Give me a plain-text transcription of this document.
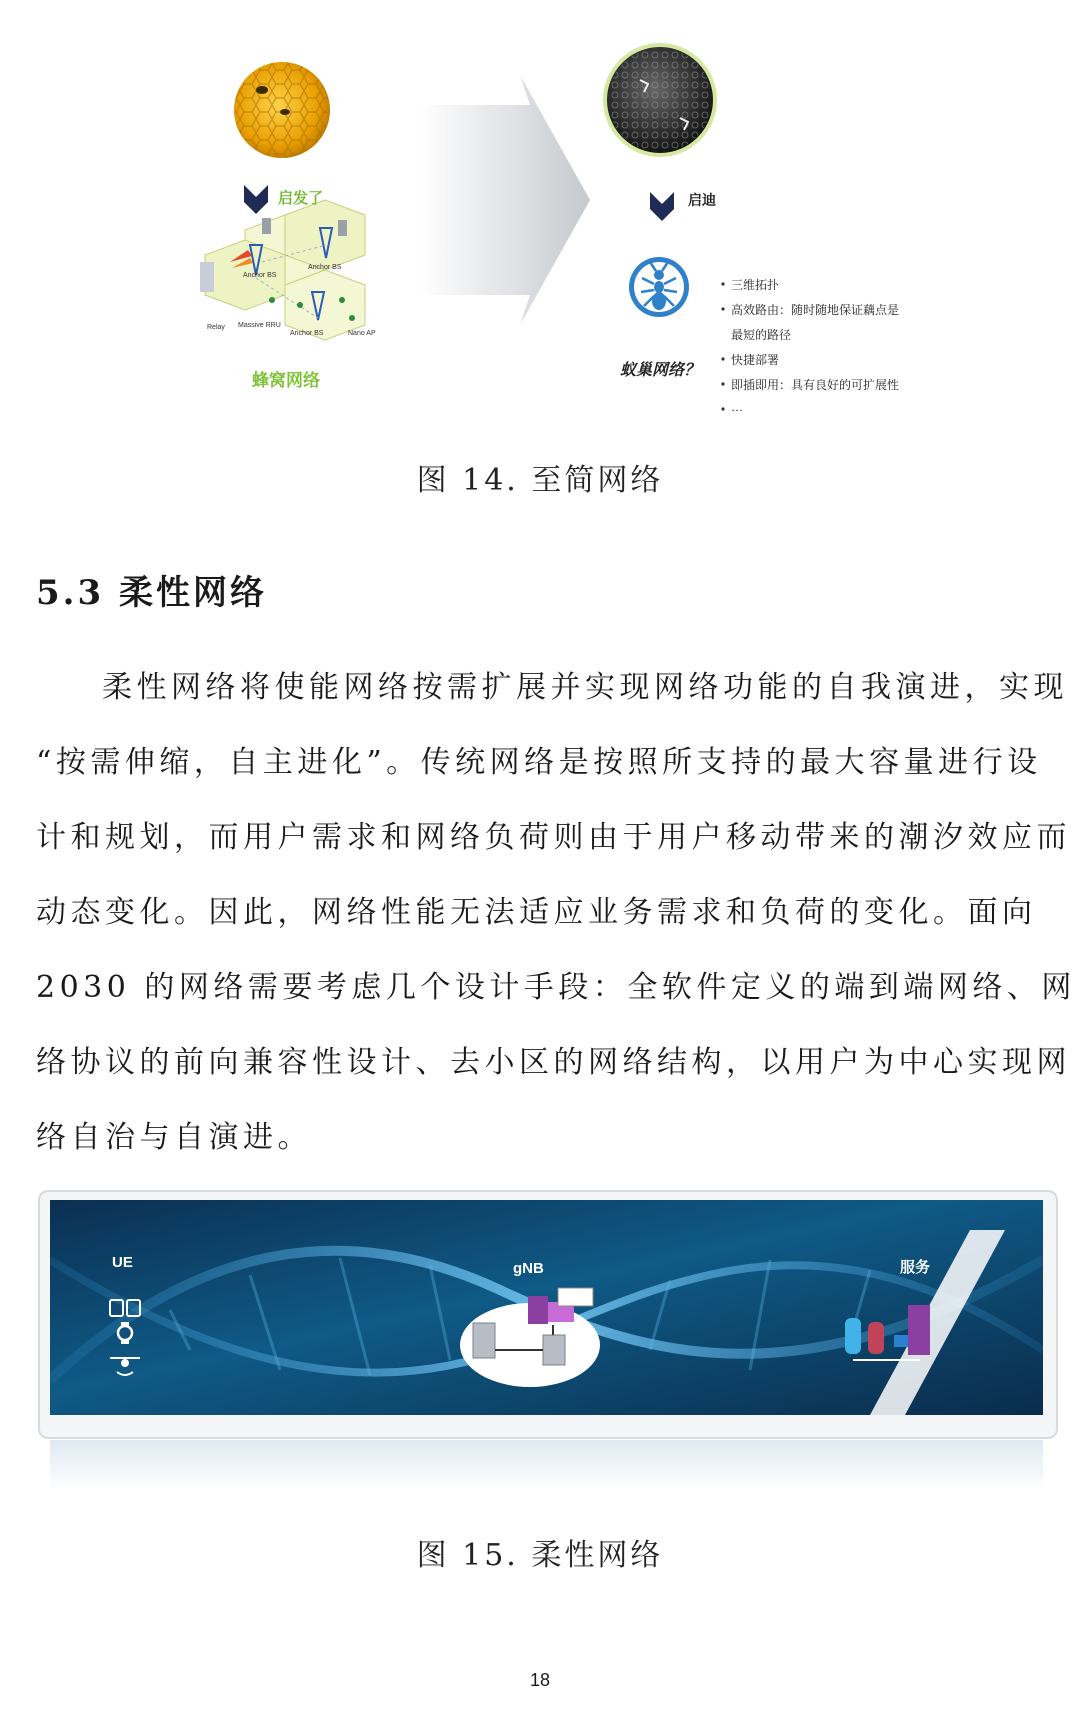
启发了
蜂窝网络
Anchor BS
Anchor BS
Anchor BS
Relay Massive RRU
Nano AP
启迪
蚁巢网络？
三维拓扑
高效路由：随时随地保证藕点是
最短的路径
快捷部署
即插即用：具有良好的可扩展性
…
图 14. 至简网络
5.3 柔性网络
柔性网络将使能网络按需扩展并实现网络功能的自我演进，实现
“按需伸缩，自主进化”。传统网络是按照所支持的最大容量进行设
计和规划，而用户需求和网络负荷则由于用户移动带来的潮汐效应而
动态变化。因此，网络性能无法适应业务需求和负荷的变化。面向
2030 的网络需要考虑几个设计手段：全软件定义的端到端网络、网
络协议的前向兼容性设计、去小区的网络结构，以用户为中心实现网
络自治与自演进。
UE	gNB	服务
图 15. 柔性网络
18
